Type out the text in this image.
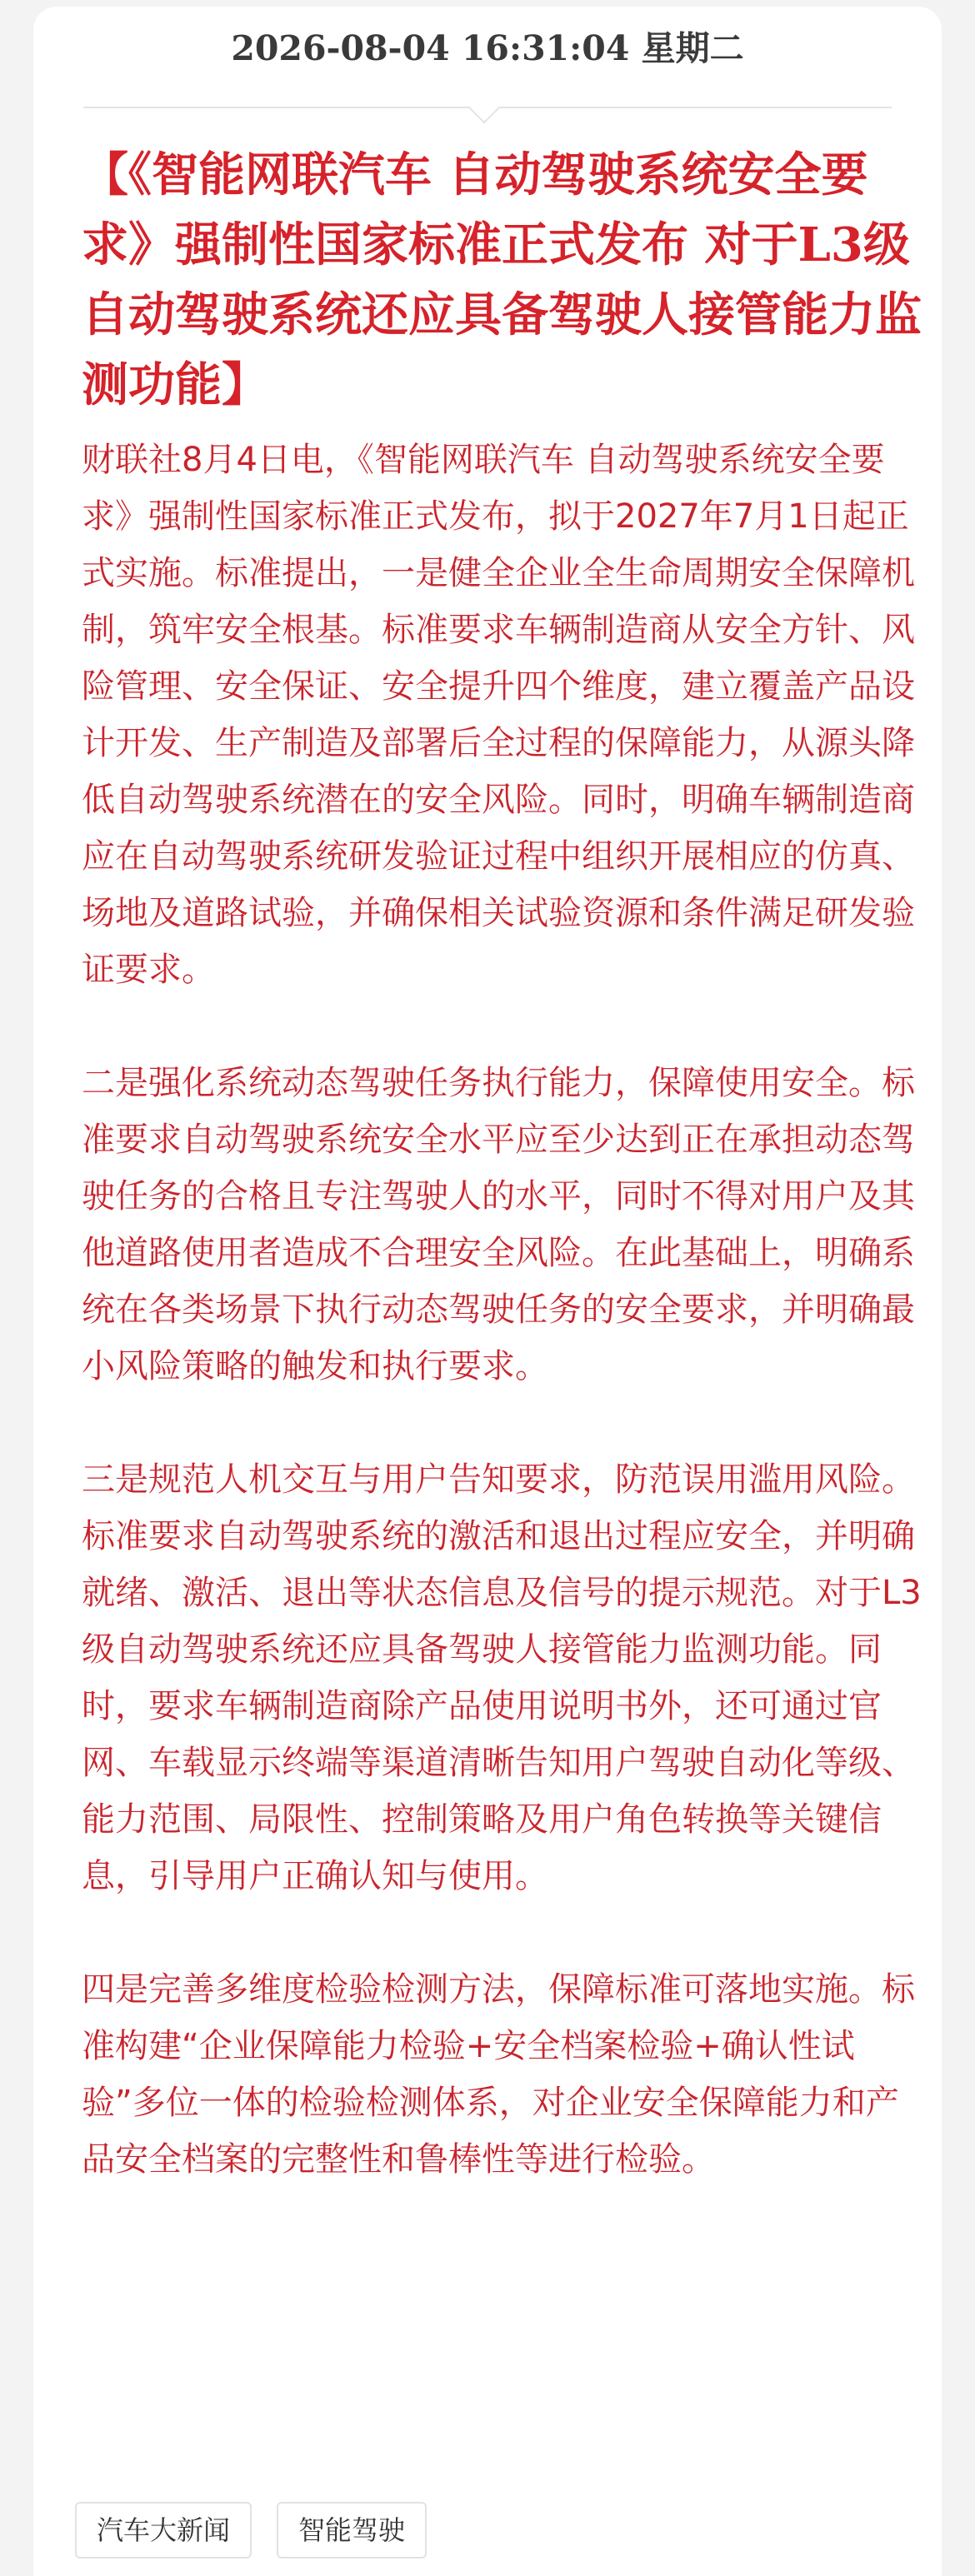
2026-08-04 16:31:04 星期二
【《智能网联汽车 自动驾驶系统安全要求》强制性国家标准正式发布 对于L3级自动驾驶系统还应具备驾驶人接管能力监测功能】

财联社8月4日电，《智能网联汽车 自动驾驶系统安全要求》强制性国家标准正式发布，拟于2027年7月1日起正式实施。标准提出，一是健全企业全生命周期安全保障机制，筑牢安全根基。标准要求车辆制造商从安全方针、风险管理、安全保证、安全提升四个维度，建立覆盖产品设计开发、生产制造及部署后全过程的保障能力，从源头降低自动驾驶系统潜在的安全风险。同时，明确车辆制造商应在自动驾驶系统研发验证过程中组织开展相应的仿真、场地及道路试验，并确保相关试验资源和条件满足研发验证要求。

二是强化系统动态驾驶任务执行能力，保障使用安全。标准要求自动驾驶系统安全水平应至少达到正在承担动态驾驶任务的合格且专注驾驶人的水平，同时不得对用户及其他道路使用者造成不合理安全风险。在此基础上，明确系统在各类场景下执行动态驾驶任务的安全要求，并明确最小风险策略的触发和执行要求。

三是规范人机交互与用户告知要求，防范误用滥用风险。标准要求自动驾驶系统的激活和退出过程应安全，并明确就绪、激活、退出等状态信息及信号的提示规范。对于L3级自动驾驶系统还应具备驾驶人接管能力监测功能。同时，要求车辆制造商除产品使用说明书外，还可通过官网、车载显示终端等渠道清晰告知用户驾驶自动化等级、能力范围、局限性、控制策略及用户角色转换等关键信息，引导用户正确认知与使用。

四是完善多维度检验检测方法，保障标准可落地实施。标准构建“企业保障能力检验+安全档案检验+确认性试验”多位一体的检验检测体系，对企业安全保障能力和产品安全档案的完整性和鲁棒性等进行检验。

汽车大新闻	智能驾驶
